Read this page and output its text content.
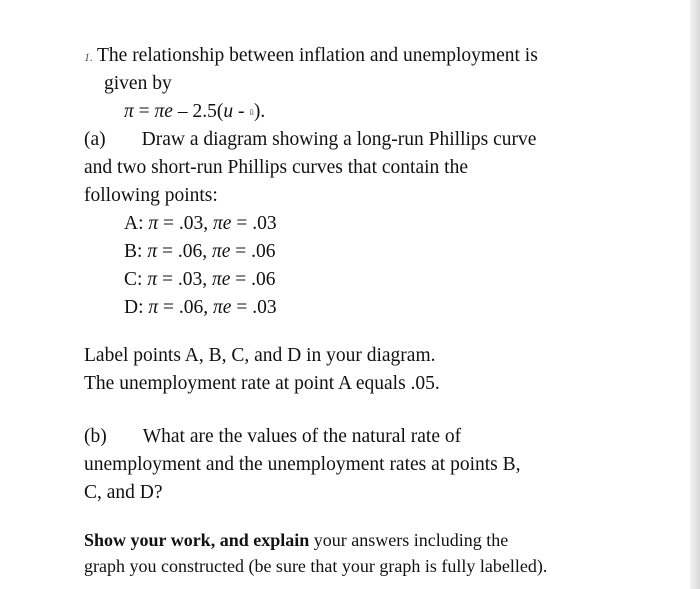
1. The relationship between inflation and unemployment is
given by
π = πe – 2.5(u - ū).
(a) Draw a diagram showing a long-run Phillips curve
and two short-run Phillips curves that contain the
following points:
A: π = .03, πe = .03
B: π = .06, πe = .06
C: π = .03, πe = .06
D: π = .06, πe = .03
Label points A, B, C, and D in your diagram.
The unemployment rate at point A equals .05.
(b) What are the values of the natural rate of
unemployment and the unemployment rates at points B,
C, and D?
Show your work, and explain your answers including the
graph you constructed (be sure that your graph is fully labelled).
